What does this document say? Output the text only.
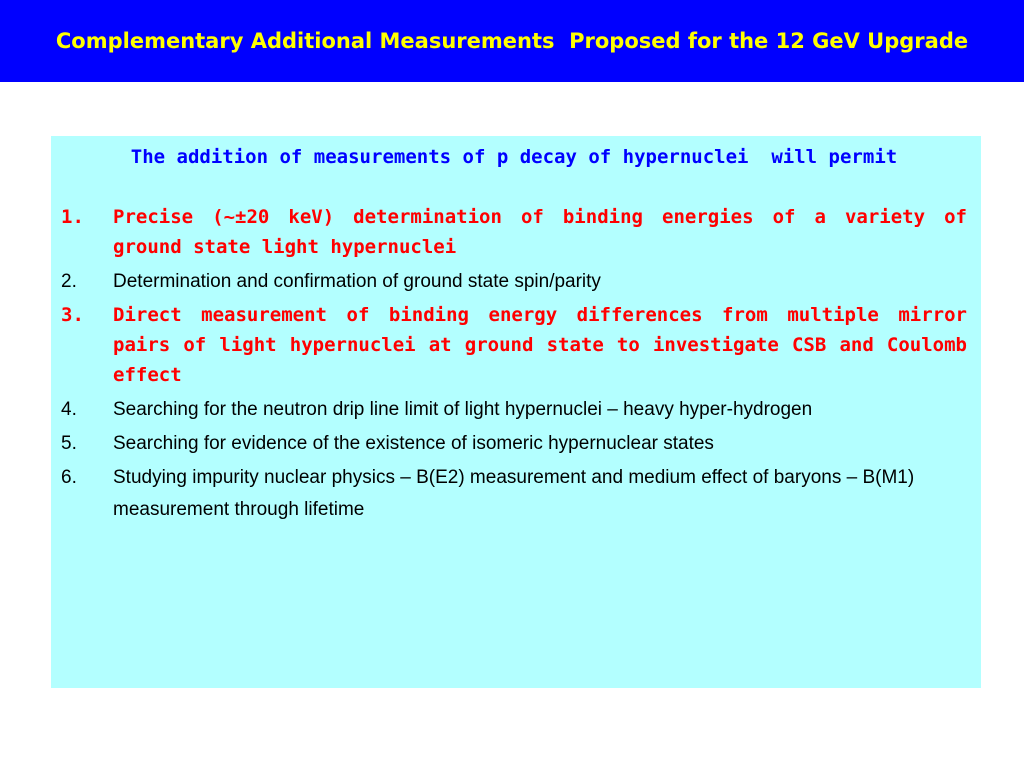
Complementary Additional Measurements  Proposed for the 12 GeV Upgrade
The addition of measurements of p decay of hypernuclei  will permit
1.	Precise (~±20 keV) determination of binding energies of a variety of ground state light hypernuclei
2.	Determination and confirmation of ground state spin/parity
3.	Direct measurement of binding energy differences from multiple mirror pairs of light hypernuclei at ground state to investigate CSB and Coulomb effect
4.	Searching for the neutron drip line limit of light hypernuclei – heavy hyper-hydrogen
5.	Searching for evidence of the existence of isomeric hypernuclear states
6.	Studying impurity nuclear physics – B(E2) measurement and medium effect of baryons – B(M1) measurement through lifetime
